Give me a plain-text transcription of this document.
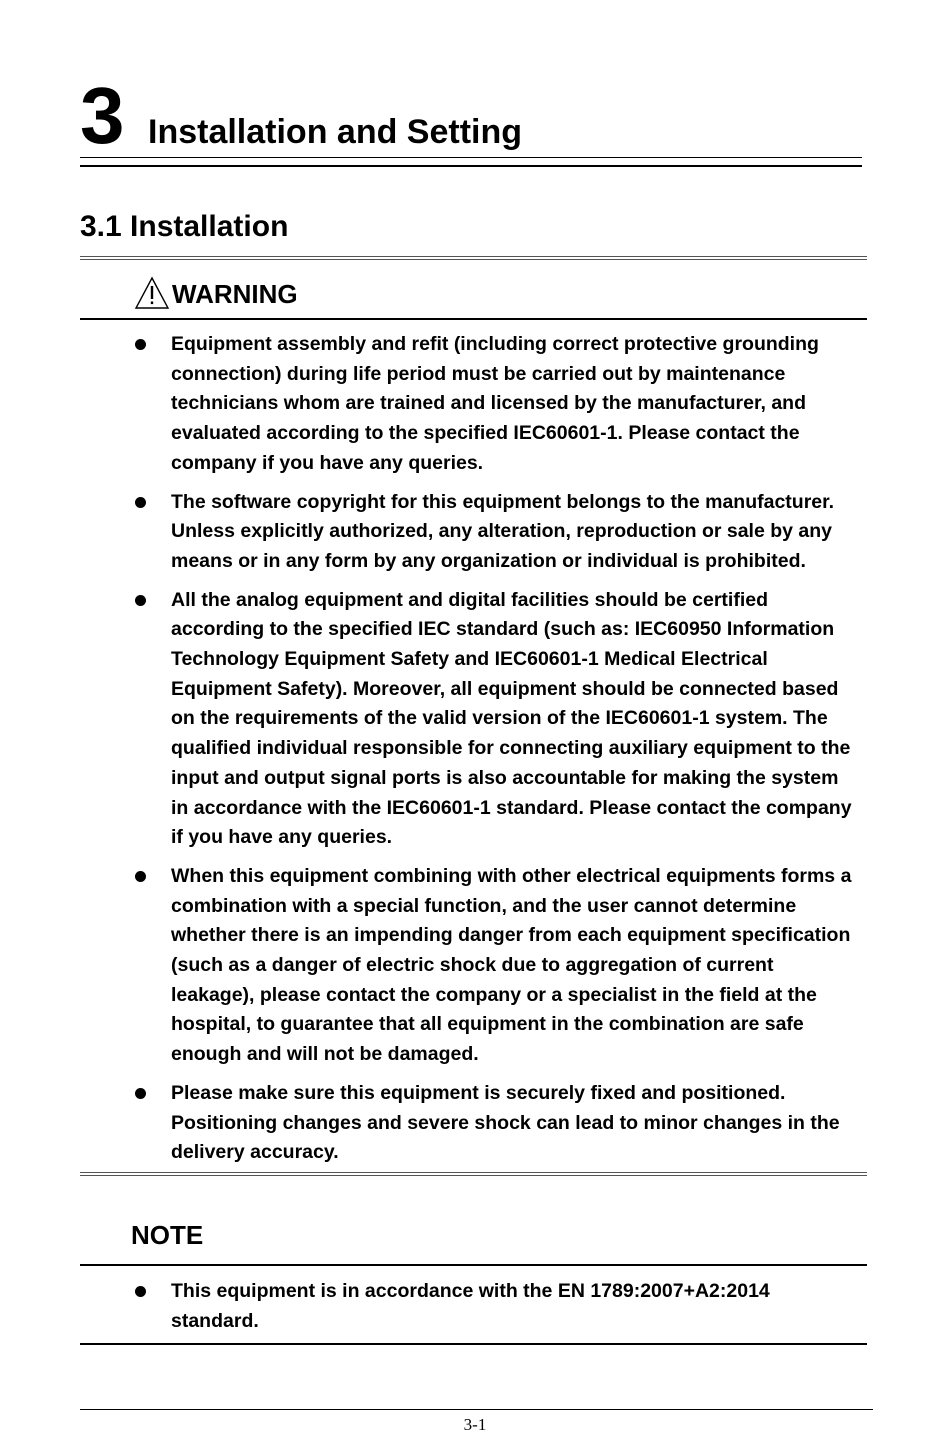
3 Installation and Setting
3.1 Installation
WARNING
Equipment assembly and refit (including correct protective grounding connection) during life period must be carried out by maintenance technicians whom are trained and licensed by the manufacturer, and evaluated according to the specified IEC60601-1. Please contact the company if you have any queries.
The software copyright for this equipment belongs to the manufacturer. Unless explicitly authorized, any alteration, reproduction or sale by any means or in any form by any organization or individual is prohibited.
All the analog equipment and digital facilities should be certified according to the specified IEC standard (such as: IEC60950 Information Technology Equipment Safety and IEC60601-1 Medical Electrical Equipment Safety). Moreover, all equipment should be connected based on the requirements of the valid version of the IEC60601-1 system. The qualified individual responsible for connecting auxiliary equipment to the input and output signal ports is also accountable for making the system in accordance with the IEC60601-1 standard. Please contact the company if you have any queries.
When this equipment combining with other electrical equipments forms a combination with a special function, and the user cannot determine whether there is an impending danger from each equipment specification (such as a danger of electric shock due to aggregation of current leakage), please contact the company or a specialist in the field at the hospital, to guarantee that all equipment in the combination are safe enough and will not be damaged.
Please make sure this equipment is securely fixed and positioned. Positioning changes and severe shock can lead to minor changes in the delivery accuracy.
NOTE
This equipment is in accordance with the EN 1789:2007+A2:2014 standard.
3-1
